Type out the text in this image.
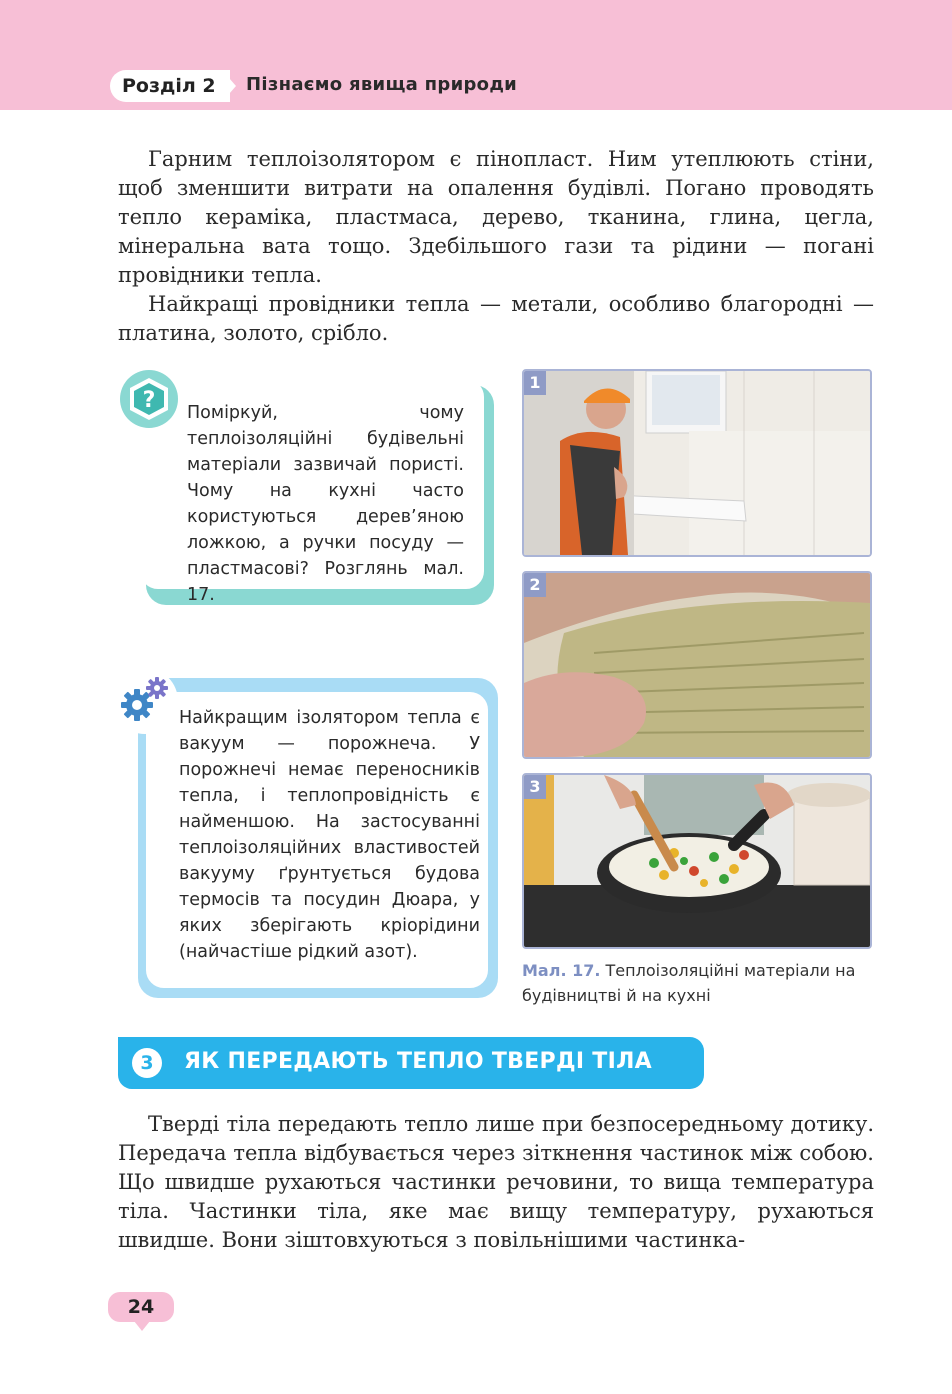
Розділ 2	Пізнаємо явища природи

Гарним теплоізолятором є пінопласт. Ним утеплюють стіни, щоб зменшити витрати на опалення будівлі. Погано проводять тепло кераміка, пластмаса, дерево, тканина, глина, цегла, мінеральна вата тощо. Здебільшого гази та рідини — погані провідники тепла.

Найкращі провідники тепла — метали, особливо благородні — платина, золото, срібло.

? Поміркуй, чому теплоізоляційні будівельні матеріали зазвичай пористі. Чому на кухні часто користуються дерев’яною ложкою, а ручки посуду — пластмасові? Розглянь мал. 17.

Найкращим ізолятором тепла є вакуум — порожнеча. У порожнечі немає переносників тепла, і теплопровідність є найменшою. На застосуванні теплоізоляційних властивостей вакууму ґрунтується будова термосів та посудин Дюара, у яких зберігають кріорідини (найчастіше рідкий азот).

1
2
3
Мал. 17. Теплоізоляційні матеріали на будівництві й на кухні
3	ЯК ПЕРЕДАЮТЬ ТЕПЛО ТВЕРДІ ТІЛА

Тверді тіла передають тепло лише при безпосередньому дотику. Передача тепла відбувається через зіткнення частинок між собою. Що швидше рухаються частинки речовини, то вища температура тіла. Частинки тіла, яке має вищу температуру, рухаються швидше. Вони зіштовхуються з повільнішими частинка-

24
